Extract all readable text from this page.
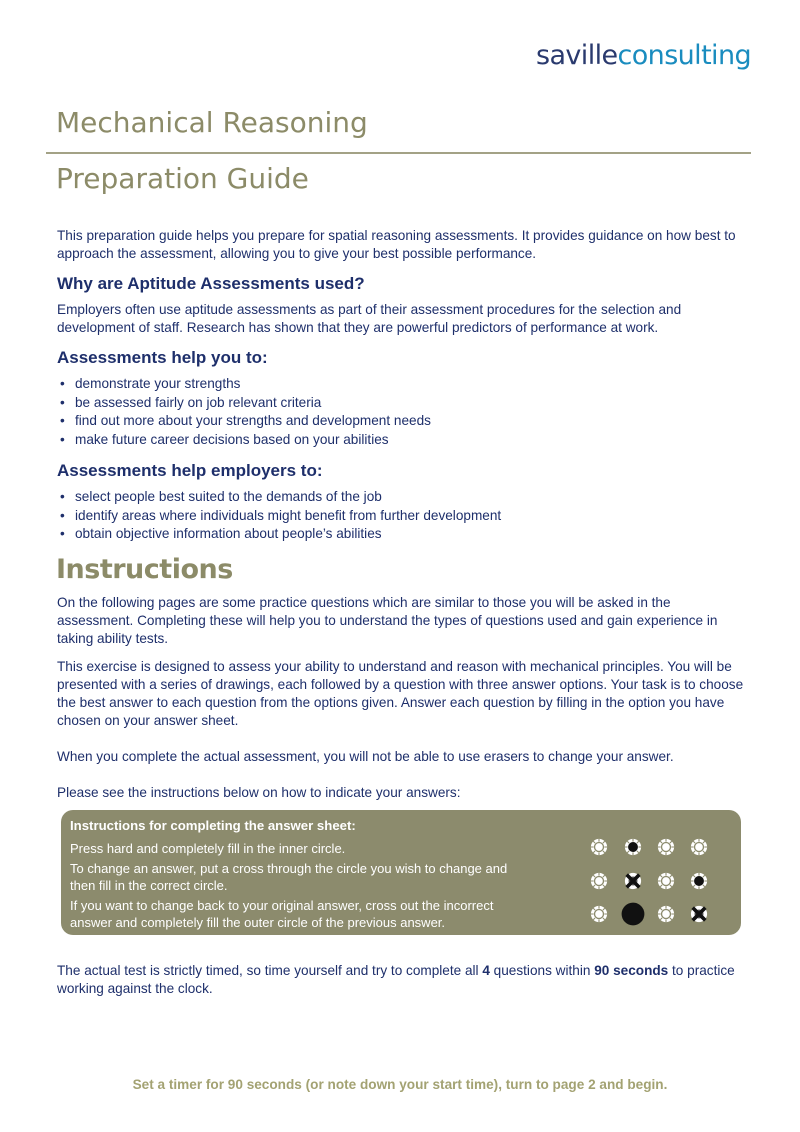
savilleconsulting
Mechanical Reasoning
Preparation Guide

This preparation guide helps you prepare for spatial reasoning assessments. It provides guidance on how best to approach the assessment, allowing you to give your best possible performance.

Why are Aptitude Assessments used?

Employers often use aptitude assessments as part of their assessment procedures for the selection and development of staff. Research has shown that they are powerful predictors of performance at work.

Assessments help you to:
• demonstrate your strengths
• be assessed fairly on job relevant criteria
• find out more about your strengths and development needs
• make future career decisions based on your abilities
Assessments help employers to:
• select people best suited to the demands of the job
• identify areas where individuals might benefit from further development
• obtain objective information about people’s abilities
Instructions

On the following pages are some practice questions which are similar to those you will be asked in the assessment. Completing these will help you to understand the types of questions used and gain experience in taking ability tests.

This exercise is designed to assess your ability to understand and reason with mechanical principles. You will be presented with a series of drawings, each followed by a question with three answer options. Your task is to choose the best answer to each question from the options given. Answer each question by filling in the option you have chosen on your answer sheet.

When you complete the actual assessment, you will not be able to use erasers to change your answer.

Please see the instructions below on how to indicate your answers:

Instructions for completing the answer sheet:
Press hard and completely fill in the inner circle.
To change an answer, put a cross through the circle you wish to change and then fill in the correct circle.
If you want to change back to your original answer, cross out the incorrect answer and completely fill the outer circle of the previous answer.

The actual test is strictly timed, so time yourself and try to complete all 4 questions within 90 seconds to practice working against the clock.

Set a timer for 90 seconds (or note down your start time), turn to page 2 and begin.
